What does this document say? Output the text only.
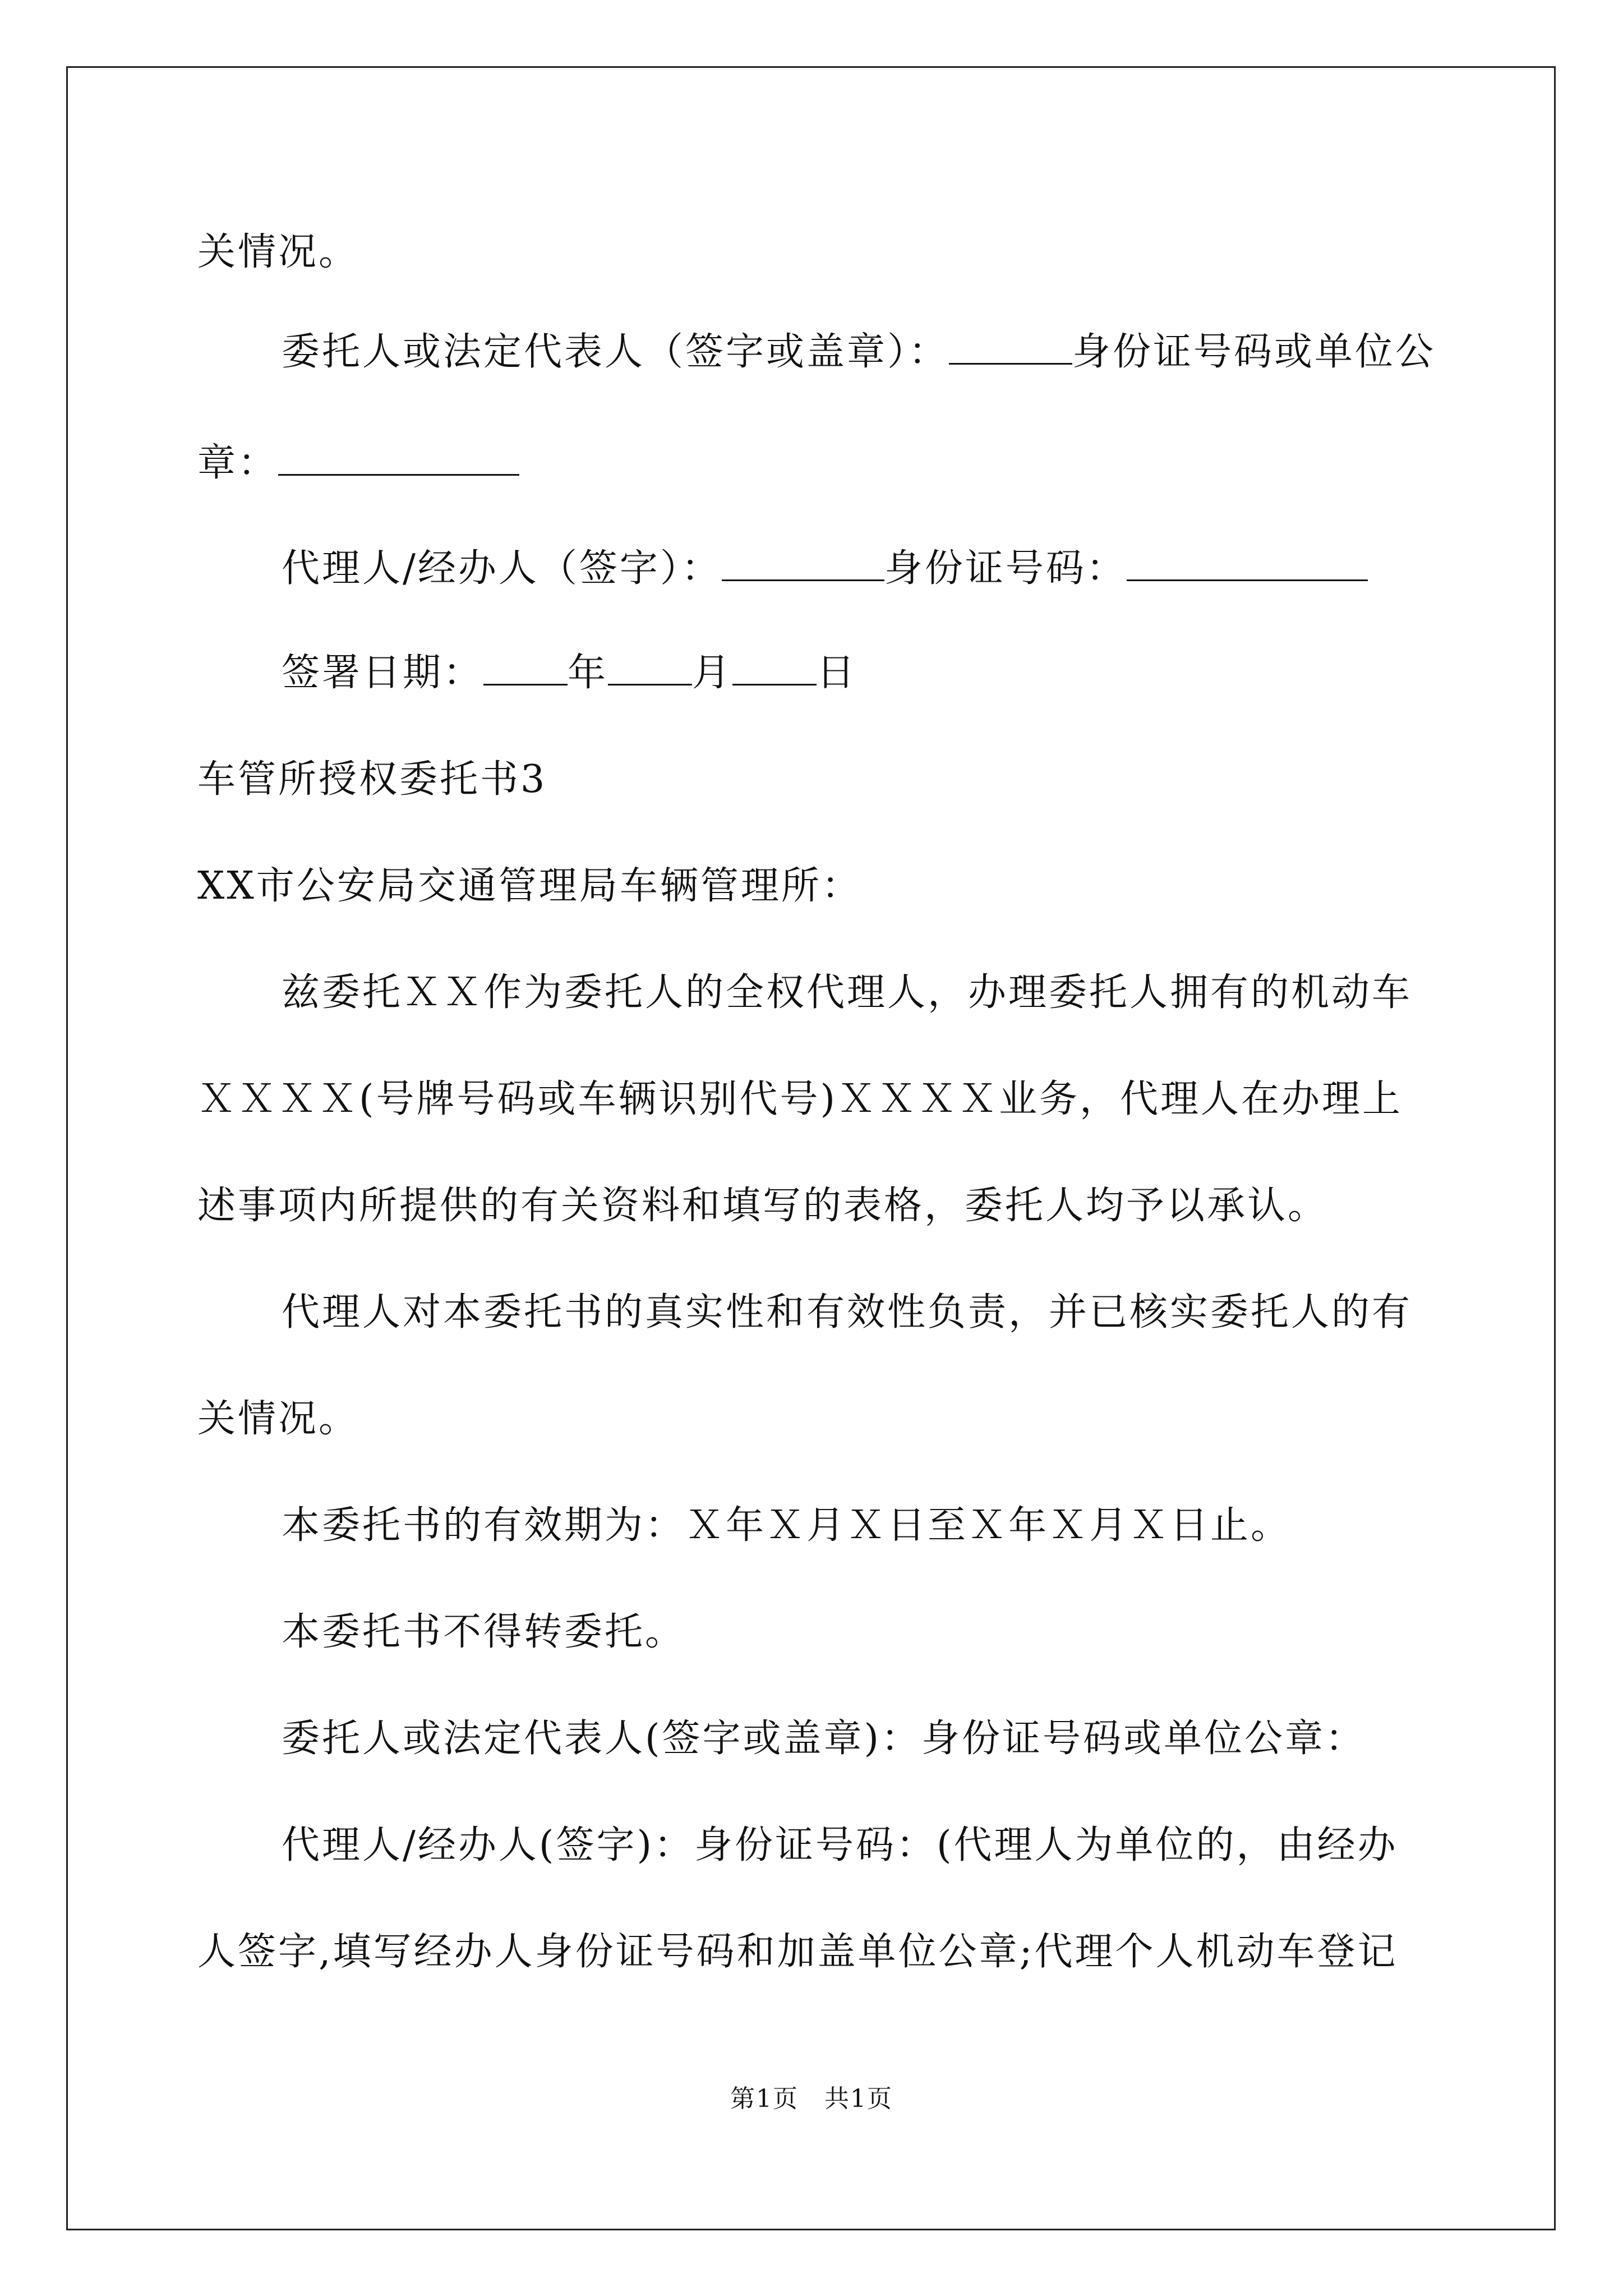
关情况。
委托人或法定代表人（签字或盖章）：	身份证号码或单位公
章：
代理人/经办人（签字）：	身份证号码：
签署日期： 年 月 日
车管所授权委托书3
XX市公安局交通管理局车辆管理所：
兹委托ＸＸ作为委托人的全权代理人，办理委托人拥有的机动车
ＸＸＸＸ(号牌号码或车辆识别代号)ＸＸＸＸ业务，代理人在办理上
述事项内所提供的有关资料和填写的表格，委托人均予以承认。
代理人对本委托书的真实性和有效性负责，并已核实委托人的有
关情况。
本委托书的有效期为：Ｘ年Ｘ月Ｘ日至Ｘ年Ｘ月Ｘ日止。
本委托书不得转委托。
委托人或法定代表人(签字或盖章)：身份证号码或单位公章：
代理人/经办人(签字)：身份证号码：(代理人为单位的，由经办
人签字,填写经办人身份证号码和加盖单位公章;代理个人机动车登记
第1页　共1页
